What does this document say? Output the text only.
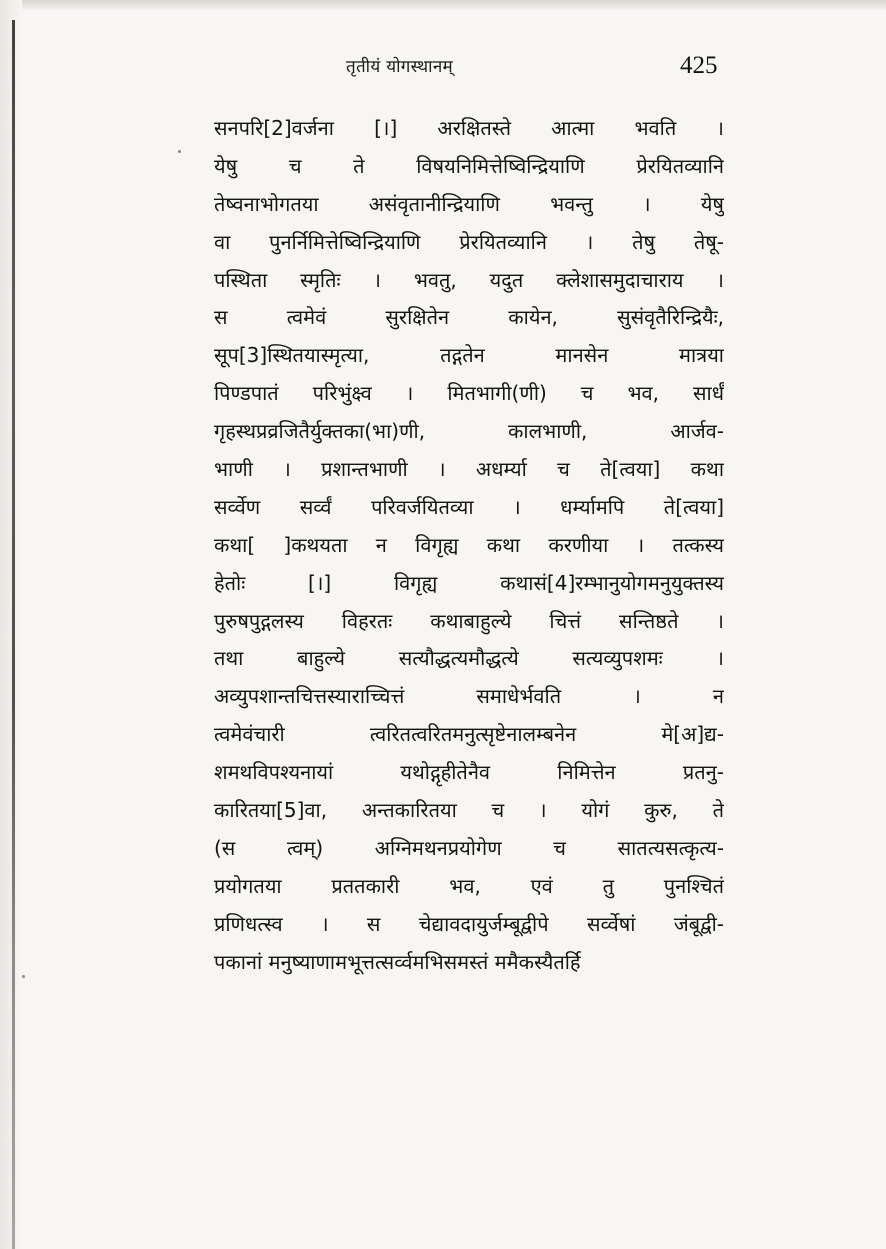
तृतीयं योगस्थानम्	425
सनपरि[2]वर्जना [।] अरक्षितस्ते आत्मा भवति ।
येषु च ते विषयनिमित्तेष्विन्द्रियाणि प्रेरयितव्यानि
तेष्वनाभोगतया असंवृतानीन्द्रियाणि भवन्तु । येषु
वा पुनर्निमित्तेष्विन्द्रियाणि प्रेरयितव्यानि । तेषु तेषू-
पस्थिता स्मृतिः । भवतु, यदुत क्लेशासमुदाचाराय ।
स त्वमेवं सुरक्षितेन कायेन, सुसंवृतैरिन्द्रियैः,
सूप[3]स्थितयास्मृत्या, तद्गतेन मानसेन मात्रया
पिण्डपातं परिभुंक्ष्व । मितभागी(णी) च भव, सार्धं
गृहस्थप्रव्रजितैर्युक्तका(भा)णी, कालभाणी, आर्जव-
भाणी । प्रशान्तभाणी । अधर्म्या च ते[त्वया] कथा
सर्व्वेण सर्व्वं परिवर्जयितव्या । धर्म्यामपि ते[त्वया]
कथा[ ]कथयता न विगृह्य कथा करणीया । तत्कस्य
हेतोः [।] विगृह्य कथासं[4]रम्भानुयोगमनुयुक्तस्य
पुरुषपुद्गलस्य विहरतः कथाबाहुल्ये चित्तं सन्तिष्ठते ।
तथा बाहुल्ये सत्यौद्धत्यमौद्धत्ये सत्यव्युपशमः ।
अव्युपशान्तचित्तस्याराच्चित्तं समाधेर्भवति । न
त्वमेवंचारी त्वरितत्वरितमनुत्सृष्टेनालम्बनेन मे[अ]द्य-
शमथविपश्यनायां यथोद्गृहीतेनैव निमित्तेन प्रतनु-
कारितया[5]वा, अन्तकारितया च । योगं कुरु, ते
(स त्वम्) अग्निमथनप्रयोगेण च सातत्यसत्कृत्य-
प्रयोगतया प्रततकारी भव, एवं तु पुनश्चितं
प्रणिधत्स्व । स चेद्यावदायुर्जम्बूद्वीपे सर्व्वेषां जंबूद्वी-
पकानां मनुष्याणामभूत्तत्सर्व्वमभिसमस्तं ममैकस्यैतर्हि
